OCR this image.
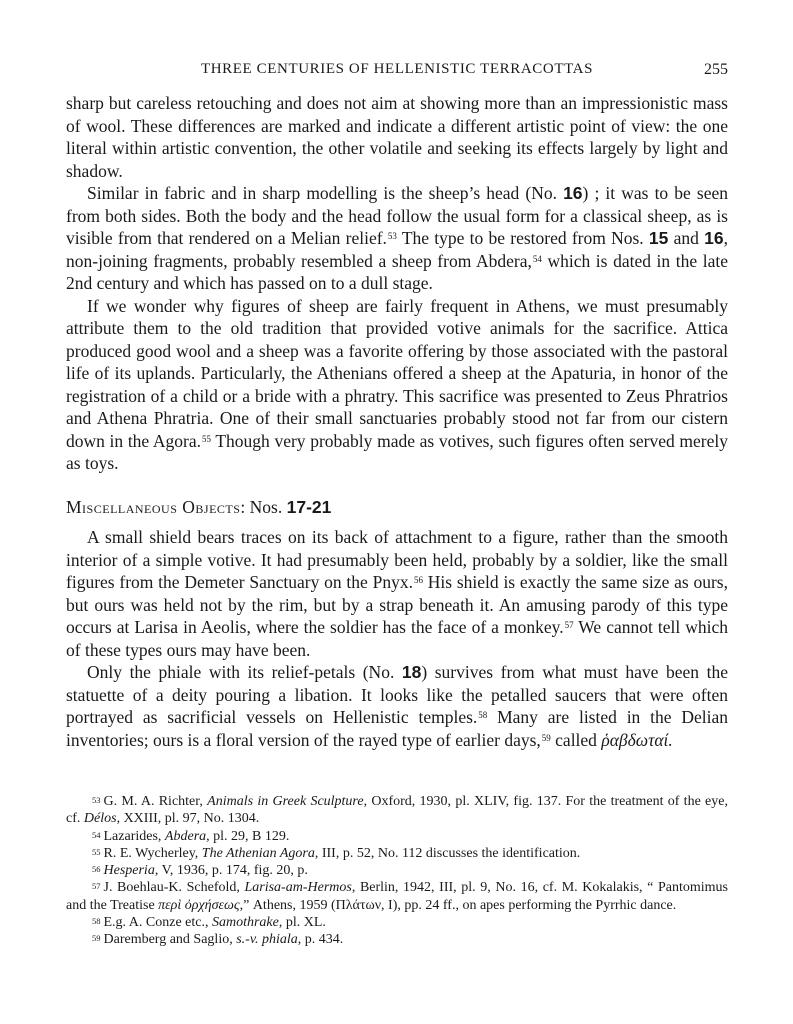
THREE CENTURIES OF HELLENISTIC TERRACOTTAS	255

sharp but careless retouching and does not aim at showing more than an impressionistic mass of wool. These differences are marked and indicate a different artistic point of view: the one literal within artistic convention, the other volatile and seeking its effects largely by light and shadow.

Similar in fabric and in sharp modelling is the sheep’s head (No. 16) ; it was to be seen from both sides. Both the body and the head follow the usual form for a classical sheep, as is visible from that rendered on a Melian relief.$^{53}$ The type to be restored from Nos. 15 and 16, non-joining fragments, probably resembled a sheep from Abdera,$^{54}$ which is dated in the late 2nd century and which has passed on to a dull stage.

If we wonder why figures of sheep are fairly frequent in Athens, we must presumably attribute them to the old tradition that provided votive animals for the sacrifice. Attica produced good wool and a sheep was a favorite offering by those associated with the pastoral life of its uplands. Particularly, the Athenians offered a sheep at the Apaturia, in honor of the registration of a child or a bride with a phratry. This sacrifice was presented to Zeus Phratrios and Athena Phratria. One of their small sanctuaries probably stood not far from our cistern down in the Agora.$^{55}$ Though very probably made as votives, such figures often served merely as toys.

Miscellaneous Objects: Nos. 17-21

A small shield bears traces on its back of attachment to a figure, rather than the smooth interior of a simple votive. It had presumably been held, probably by a soldier, like the small figures from the Demeter Sanctuary on the Pnyx.$^{56}$ His shield is exactly the same size as ours, but ours was held not by the rim, but by a strap beneath it. An amusing parody of this type occurs at Larisa in Aeolis, where the soldier has the face of a monkey.$^{57}$ We cannot tell which of these types ours may have been.

Only the phiale with its relief-petals (No. 18) survives from what must have been the statuette of a deity pouring a libation. It looks like the petalled saucers that were often portrayed as sacrificial vessels on Hellenistic temples.$^{58}$ Many are listed in the Delian inventories; ours is a floral version of the rayed type of earlier days,$^{59}$ called ῥαβδωταί.

$^{53}$ G. M. A. Richter, Animals in Greek Sculpture, Oxford, 1930, pl. XLIV, fig. 137. For the treatment of the eye, cf. Délos, XXIII, pl. 97, No. 1304.
$^{54}$ Lazarides, Abdera, pl. 29, B 129.
$^{55}$ R. E. Wycherley, The Athenian Agora, III, p. 52, No. 112 discusses the identification.
$^{56}$ Hesperia, V, 1936, p. 174, fig. 20, p.
$^{57}$ J. Boehlau-K. Schefold, Larisa-am-Hermos, Berlin, 1942, III, pl. 9, No. 16, cf. M. Kokalakis, “ Pantomimus and the Treatise περὶ ὀρχήσεως,” Athens, 1959 (Πλάτων, I), pp. 24 ff., on apes performing the Pyrrhic dance.
$^{58}$ E.g. A. Conze etc., Samothrake, pl. XL.
$^{59}$ Daremberg and Saglio, s.-v. phiala, p. 434.
